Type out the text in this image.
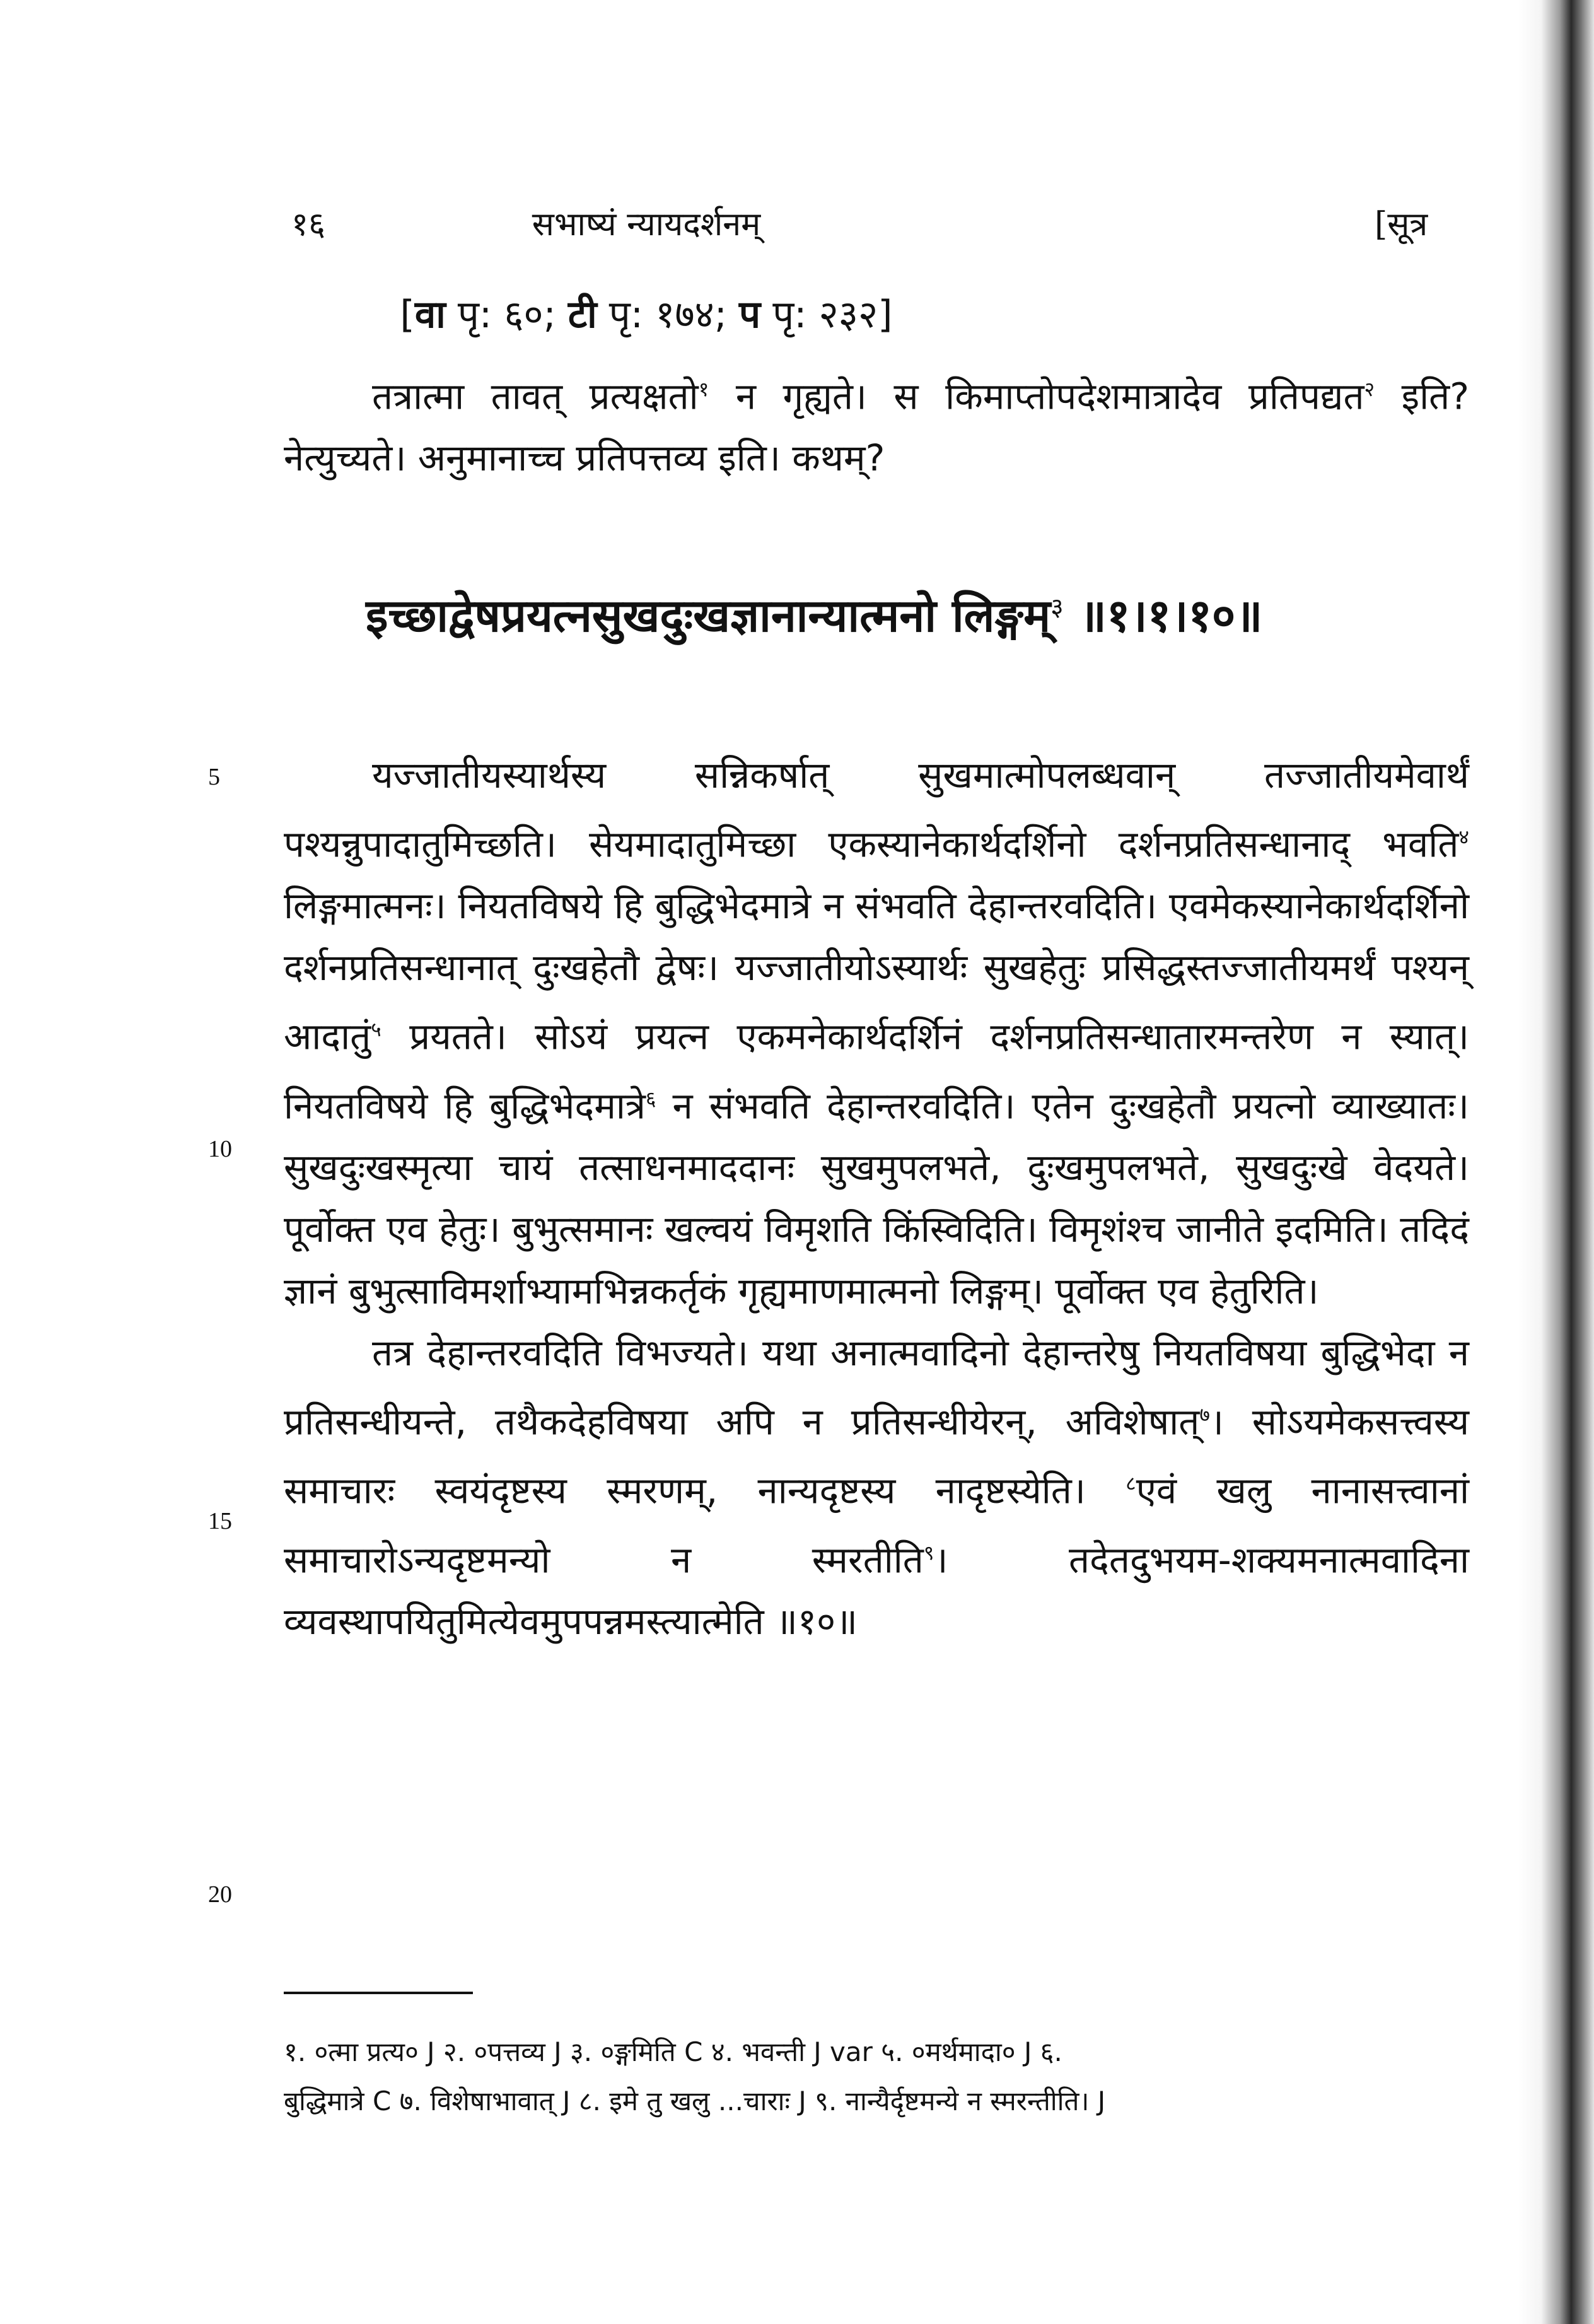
१६	सभाष्यं न्यायदर्शनम्	[सूत्र
[वा पृ: ६०; टी पृ: १७४; प पृ: २३२]
तत्रात्मा तावत् प्रत्यक्षतो$^१$ न गृह्यते। स किमाप्तोपदेशमात्रादेव प्रतिपद्यत$^२$ इति? नेत्युच्यते। अनुमानाच्च प्रतिपत्तव्य इति। कथम्?
इच्छाद्वेषप्रयत्नसुखदुःखज्ञानान्यात्मनो लिङ्गम्$^३$ ॥१।१।१०॥
5
10
15
20

यज्जातीयस्यार्थस्य सन्निकर्षात् सुखमात्मोपलब्धवान् तज्जातीयमेवार्थं पश्यन्नुपादातुमिच्छति। सेयमादातुमिच्छा एकस्यानेकार्थदर्शिनो दर्शनप्रतिसन्धानाद् भवति$^४$ लिङ्गमात्मनः। नियतविषये हि बुद्धिभेदमात्रे न संभवति देहान्तरवदिति। एवमेकस्यानेकार्थदर्शिनो दर्शनप्रतिसन्धानात् दुःखहेतौ द्वेषः। यज्जातीयोऽस्यार्थः सुखहेतुः प्रसिद्धस्तज्जातीयमर्थं पश्यन् आदातुं$^५$ प्रयतते। सोऽयं प्रयत्न एकमनेकार्थदर्शिनं दर्शनप्रतिसन्धातारमन्तरेण न स्यात्। नियतविषये हि बुद्धिभेदमात्रे$^६$ न संभवति देहान्तरवदिति। एतेन दुःखहेतौ प्रयत्नो व्याख्यातः। सुखदुःखस्मृत्या चायं तत्साधनमाददानः सुखमुपलभते, दुःखमुपलभते, सुखदुःखे वेदयते। पूर्वोक्त एव हेतुः। बुभुत्समानः खल्वयं विमृशति किंस्विदिति। विमृशंश्च जानीते इदमिति। तदिदं ज्ञानं बुभुत्साविमर्शाभ्यामभिन्नकर्तृकं गृह्यमाणमात्मनो लिङ्गम्। पूर्वोक्त एव हेतुरिति।

तत्र देहान्तरवदिति विभज्यते। यथा अनात्मवादिनो देहान्तरेषु नियतविषया बुद्धिभेदा न प्रतिसन्धीयन्ते, तथैकदेहविषया अपि न प्रतिसन्धीयेरन्, अविशेषात्$^७$। सोऽयमेकसत्त्वस्य समाचारः स्वयंदृष्टस्य स्मरणम्, नान्यदृष्टस्य नादृष्टस्येति। $^८$एवं खलु नानासत्त्वानां समाचारोऽन्यदृष्टमन्यो न स्मरतीति$^९$। तदेतदुभयम-शक्यमनात्मवादिना व्यवस्थापयितुमित्येवमुपपन्नमस्त्यात्मेति ॥१०॥

१. ०त्मा प्रत्य० J २. ०पत्तव्य J ३. ०ङ्गमिति C ४. भवन्ती J var ५. ०मर्थमादा० J ६.
बुद्धिमात्रे C ७. विशेषाभावात् J ८. इमे तु खलु ...चाराः J ९. नान्यैर्दृष्टमन्ये न स्मरन्तीति। J
